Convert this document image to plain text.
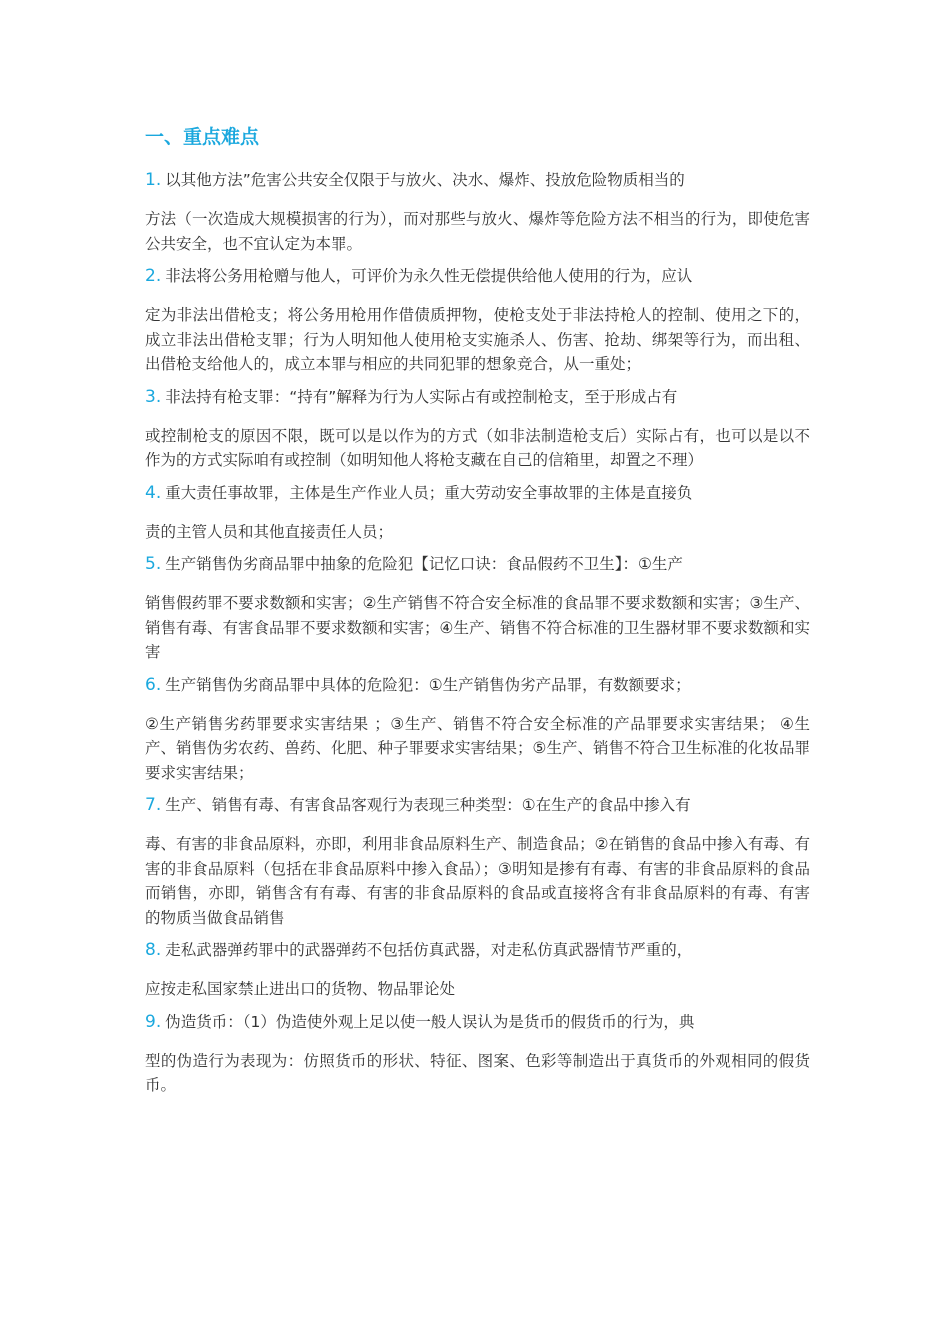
一、重点难点
1. 以其他方法”危害公共安全仅限于与放火、决水、爆炸、投放危险物质相当的
方法（一次造成大规模损害的行为），而对那些与放火、爆炸等危险方法不相当的行为，即使危害公共安全，也不宜认定为本罪。
2. 非法将公务用枪赠与他人，可评价为永久性无偿提供给他人使用的行为，应认
定为非法出借枪支；将公务用枪用作借债质押物，使枪支处于非法持枪人的控制、使用之下的，成立非法出借枪支罪；行为人明知他人使用枪支实施杀人、伤害、抢劫、绑架等行为，而出租、出借枪支给他人的，成立本罪与相应的共同犯罪的想象竞合，从一重处；
3. 非法持有枪支罪：“持有”解释为行为人实际占有或控制枪支，至于形成占有
或控制枪支的原因不限，既可以是以作为的方式（如非法制造枪支后）实际占有，也可以是以不作为的方式实际咱有或控制（如明知他人将枪支藏在自己的信箱里，却置之不理）
4. 重大责任事故罪，主体是生产作业人员；重大劳动安全事故罪的主体是直接负
责的主管人员和其他直接责任人员；
5. 生产销售伪劣商品罪中抽象的危险犯【记忆口诀：食品假药不卫生】：①生产
销售假药罪不要求数额和实害；②生产销售不符合安全标准的食品罪不要求数额和实害；③生产、销售有毒、有害食品罪不要求数额和实害；④生产、销售不符合标准的卫生器材罪不要求数额和实害
6. 生产销售伪劣商品罪中具体的危险犯：①生产销售伪劣产品罪，有数额要求；
②生产销售劣药罪要求实害结果 ；③生产、销售不符合安全标准的产品罪要求实害结果； ④生产、销售伪劣农药、兽药、化肥、种子罪要求实害结果；⑤生产、销售不符合卫生标准的化妆品罪要求实害结果；
7. 生产、销售有毒、有害食品客观行为表现三种类型：①在生产的食品中掺入有
毒、有害的非食品原料，亦即，利用非食品原料生产、制造食品；②在销售的食品中掺入有毒、有害的非食品原料（包括在非食品原料中掺入食品）；③明知是掺有有毒、有害的非食品原料的食品而销售，亦即，销售含有有毒、有害的非食品原料的食品或直接将含有非食品原料的有毒、有害的物质当做食品销售
8. 走私武器弹药罪中的武器弹药不包括仿真武器，对走私仿真武器情节严重的，
应按走私国家禁止进出口的货物、物品罪论处
9. 伪造货币：（1）伪造使外观上足以使一般人误认为是货币的假货币的行为，典
型的伪造行为表现为：仿照货币的形状、特征、图案、色彩等制造出于真货币的外观相同的假货币。
